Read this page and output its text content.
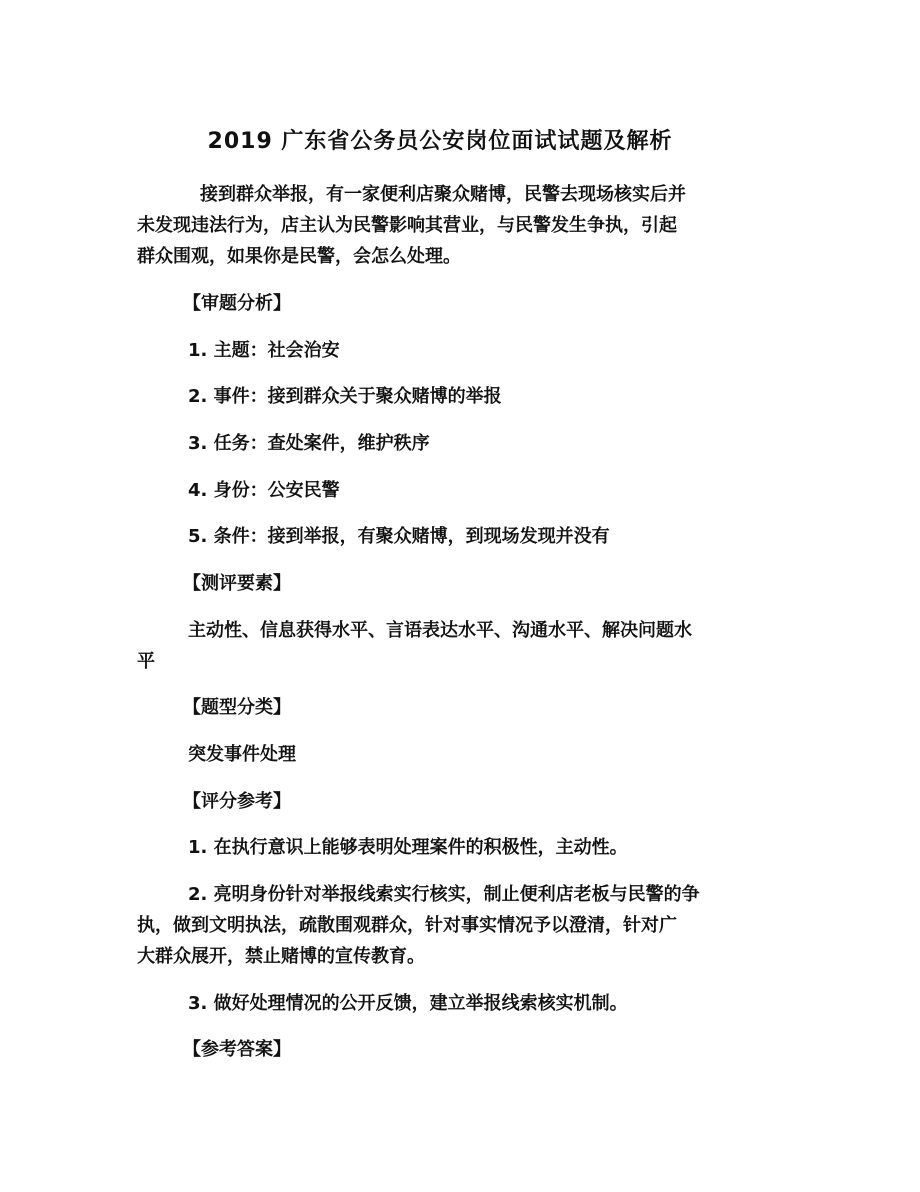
2019 广东省公务员公安岗位面试试题及解析
接到群众举报，有一家便利店聚众赌博，民警去现场核实后并
未发现违法行为，店主认为民警影响其营业，与民警发生争执，引起
群众围观，如果你是民警，会怎么处理。
【审题分析】
1. 主题：社会治安
2. 事件：接到群众关于聚众赌博的举报
3. 任务：查处案件，维护秩序
4. 身份：公安民警
5. 条件：接到举报，有聚众赌博，到现场发现并没有
【测评要素】
主动性、信息获得水平、言语表达水平、沟通水平、解决问题水
平
【题型分类】
突发事件处理
【评分参考】
1. 在执行意识上能够表明处理案件的积极性，主动性。
2. 亮明身份针对举报线索实行核实，制止便利店老板与民警的争
执，做到文明执法，疏散围观群众，针对事实情况予以澄清，针对广
大群众展开，禁止赌博的宣传教育。
3. 做好处理情况的公开反馈，建立举报线索核实机制。
【参考答案】
